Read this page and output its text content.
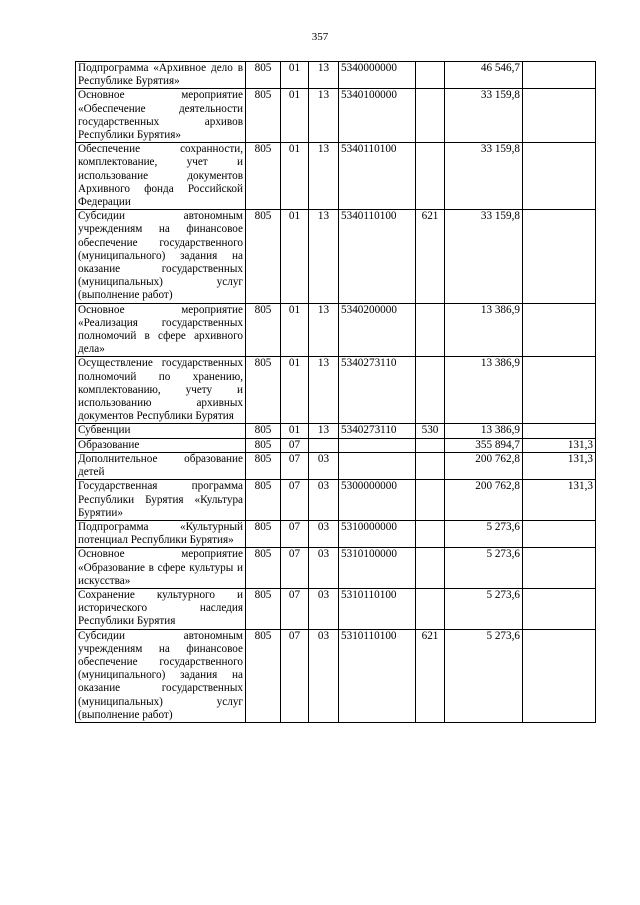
357
Подпрограмма «Архивное дело в Республике Бурятия»	805	01	13	5340000000		46 546,7	
Основное мероприятие «Обеспечение деятельности государственных архивов Республики Бурятия»	805	01	13	5340100000		33 159,8	
Обеспечение сохранности, комплектование, учет и использование документов Архивного фонда Российской Федерации	805	01	13	5340110100		33 159,8	
Субсидии автономным учреждениям на финансовое обеспечение государственного (муниципального) задания на оказание государственных (муниципальных) услуг (выполнение работ)	805	01	13	5340110100	621	33 159,8	
Основное мероприятие «Реализация государственных полномочий в сфере архивного дела»	805	01	13	5340200000		13 386,9	
Осуществление государственных полномочий по хранению, комплектованию, учету и использованию архивных документов Республики Бурятия	805	01	13	5340273110		13 386,9	
Субвенции	805	01	13	5340273110	530	13 386,9	
Образование	805	07				355 894,7	131,3
Дополнительное образование детей	805	07	03			200 762,8	131,3
Государственная программа Республики Бурятия «Культура Бурятии»	805	07	03	5300000000		200 762,8	131,3
Подпрограмма «Культурный потенциал Республики Бурятия»	805	07	03	5310000000		5 273,6	
Основное мероприятие «Образование в сфере культуры и искусства»	805	07	03	5310100000		5 273,6	
Сохранение культурного и исторического наследия Республики Бурятия	805	07	03	5310110100		5 273,6	
Субсидии автономным учреждениям на финансовое обеспечение государственного (муниципального) задания на оказание государственных (муниципальных) услуг (выполнение работ)	805	07	03	5310110100	621	5 273,6	
